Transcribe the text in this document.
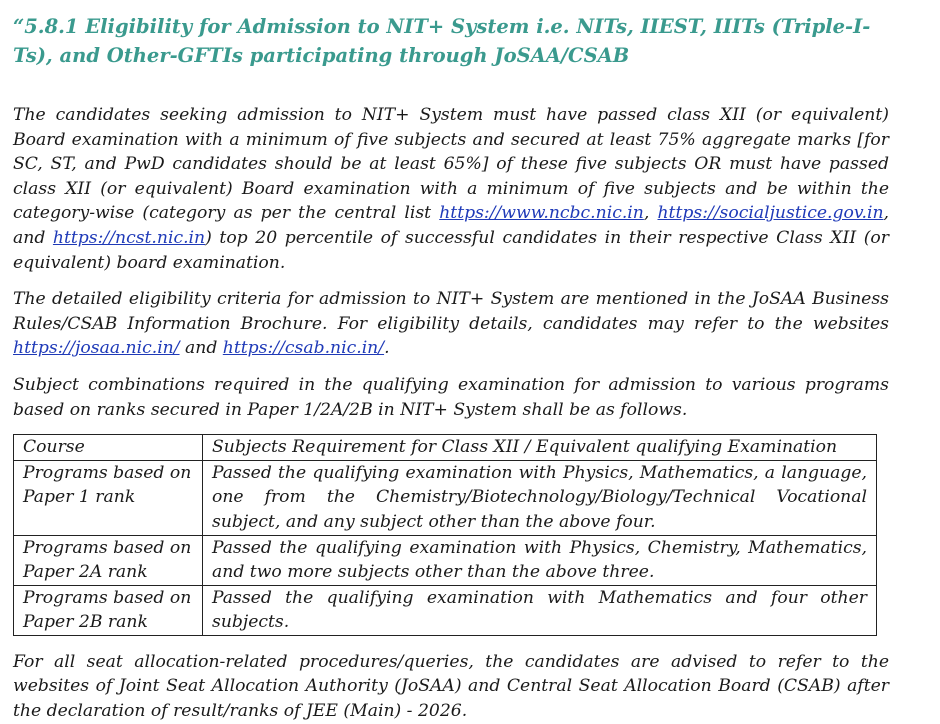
“5.8.1 Eligibility for Admission to NIT+ System i.e. NITs, IIEST, IIITs (Triple-I-Ts), and Other-GFTIs participating through JoSAA/CSAB

The candidates seeking admission to NIT+ System must have passed class XII (or equivalent) Board examination with a minimum of five subjects and secured at least 75% aggregate marks [for SC, ST, and PwD candidates should be at least 65%] of these five subjects OR must have passed class XII (or equivalent) Board examination with a minimum of five subjects and be within the category-wise (category as per the central list https://www.ncbc.nic.in, https://socialjustice.gov.in, and https://ncst.nic.in) top 20 percentile of successful candidates in their respective Class XII (or equivalent) board examination.

The detailed eligibility criteria for admission to NIT+ System are mentioned in the JoSAA Business Rules/CSAB Information Brochure. For eligibility details, candidates may refer to the websites https://josaa.nic.in/ and https://csab.nic.in/.

Subject combinations required in the qualifying examination for admission to various programs based on ranks secured in Paper 1/2A/2B in NIT+ System shall be as follows.

Course	Subjects Requirement for Class XII / Equivalent qualifying Examination
Programs based on Paper 1 rank	Passed the qualifying examination with Physics, Mathematics, a language, one from the Chemistry/Biotechnology/Biology/Technical Vocational subject, and any subject other than the above four.
Programs based on Paper 2A rank	Passed the qualifying examination with Physics, Chemistry, Mathematics, and two more subjects other than the above three.
Programs based on Paper 2B rank	Passed the qualifying examination with Mathematics and four other subjects.

For all seat allocation-related procedures/queries, the candidates are advised to refer to the websites of Joint Seat Allocation Authority (JoSAA) and Central Seat Allocation Board (CSAB) after the declaration of result/ranks of JEE (Main) - 2026.
